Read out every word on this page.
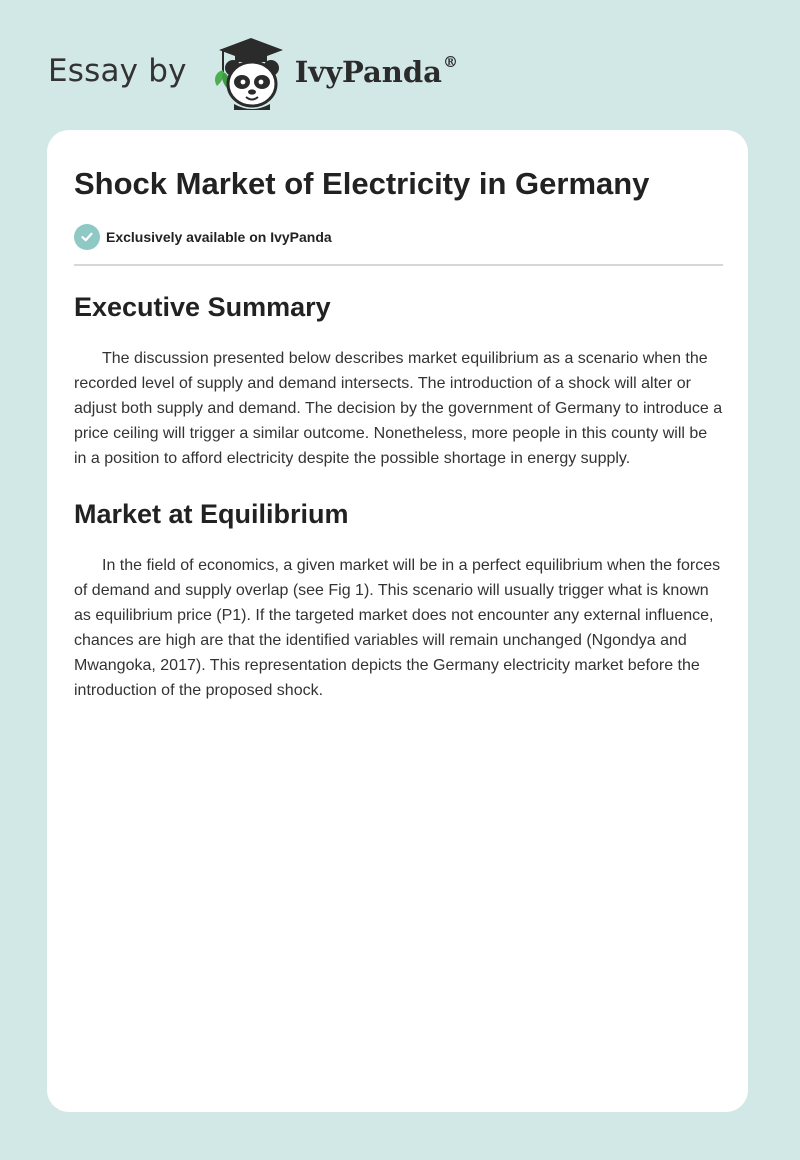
Essay by	IvyPanda®
Shock Market of Electricity in Germany
Exclusively available on IvyPanda
Executive Summary

The discussion presented below describes market equilibrium as a scenario when the recorded level of supply and demand intersects. The introduction of a shock will alter or adjust both supply and demand. The decision by the government of Germany to introduce a price ceiling will trigger a similar outcome. Nonetheless, more people in this county will be in a position to afford electricity despite the possible shortage in energy supply.

Market at Equilibrium

In the field of economics, a given market will be in a perfect equilibrium when the forces of demand and supply overlap (see Fig 1). This scenario will usually trigger what is known as equilibrium price (P1). If the targeted market does not encounter any external influence, chances are high are that the identified variables will remain unchanged (Ngondya and Mwangoka, 2017). This representation depicts the Germany electricity market before the introduction of the proposed shock.
